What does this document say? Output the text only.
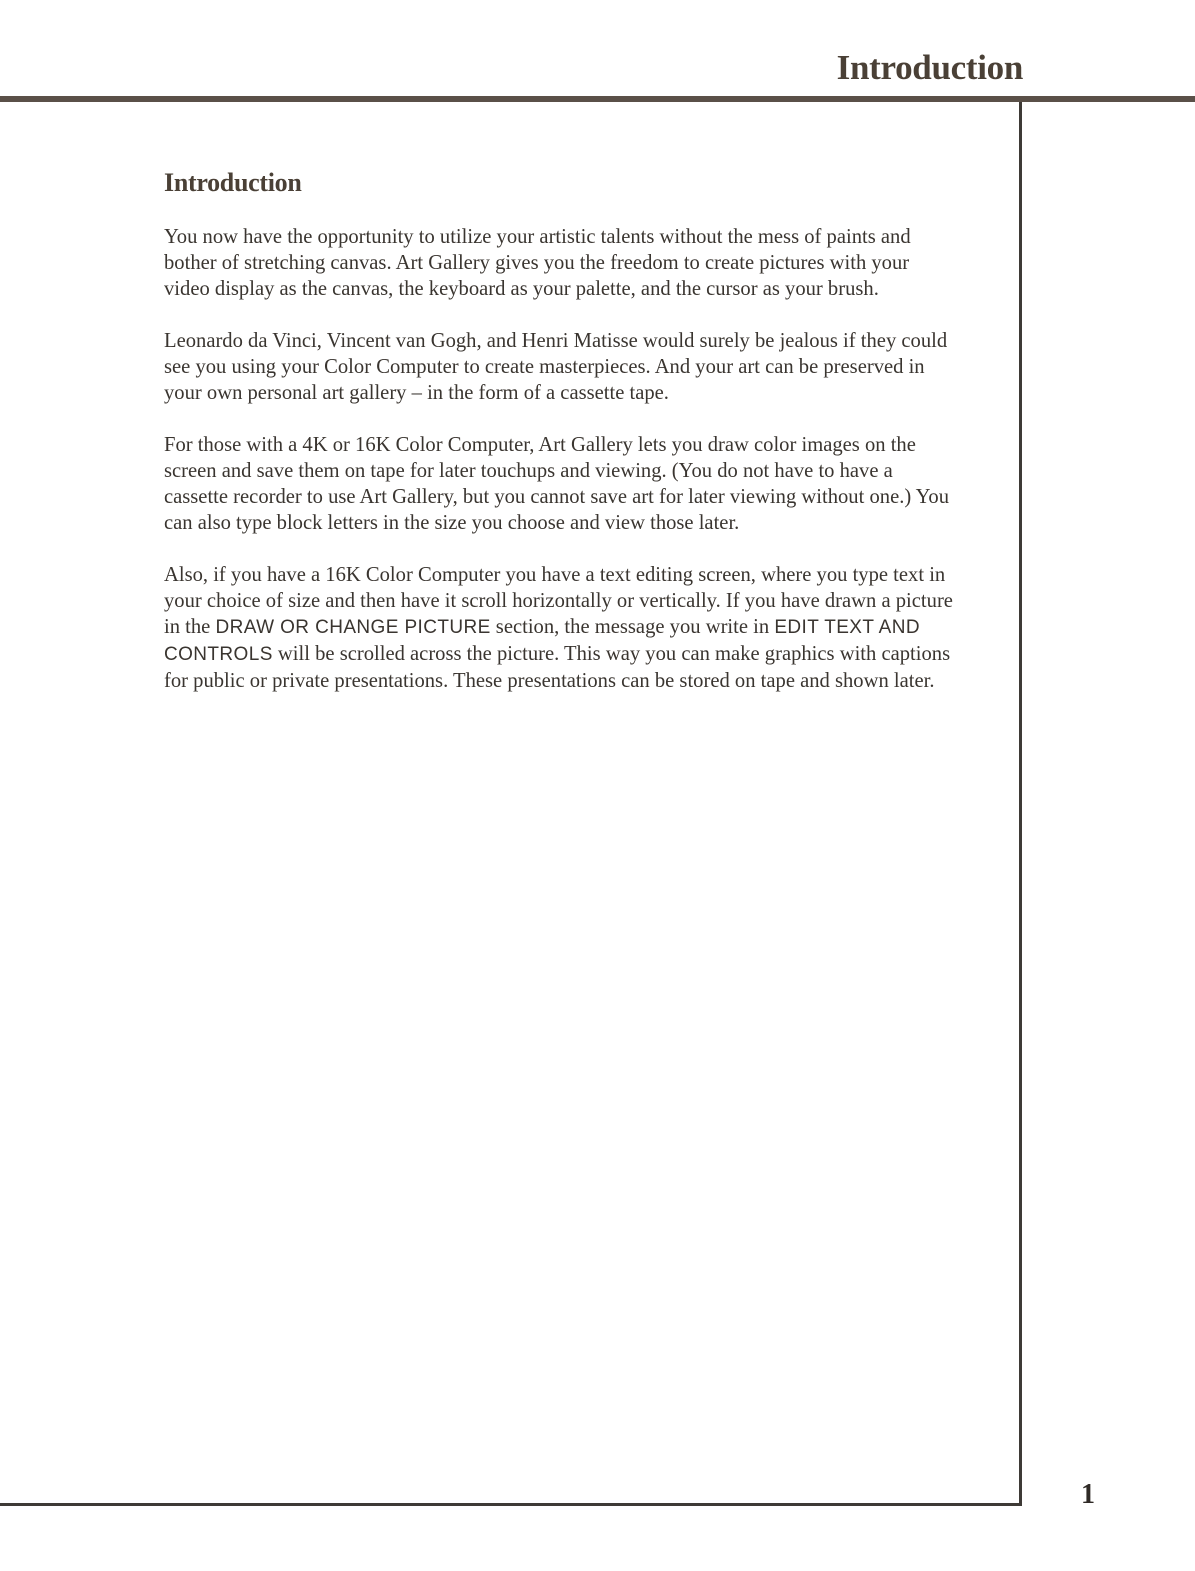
Introduction
Introduction

You now have the opportunity to utilize your artistic talents without the mess of paints and bother of stretching canvas. Art Gallery gives you the freedom to create pictures with your video display as the canvas, the keyboard as your palette, and the cursor as your brush.

Leonardo da Vinci, Vincent van Gogh, and Henri Matisse would surely be jealous if they could see you using your Color Computer to create masterpieces. And your art can be preserved in your own personal art gallery – in the form of a cassette tape.

For those with a 4K or 16K Color Computer, Art Gallery lets you draw color images on the screen and save them on tape for later touchups and viewing. (You do not have to have a cassette recorder to use Art Gallery, but you cannot save art for later viewing without one.) You can also type block letters in the size you choose and view those later.

Also, if you have a 16K Color Computer you have a text editing screen, where you type text in your choice of size and then have it scroll horizontally or vertically. If you have drawn a picture in the DRAW OR CHANGE PICTURE section, the message you write in EDIT TEXT AND CONTROLS will be scrolled across the picture. This way you can make graphics with captions for public or private presentations. These presentations can be stored on tape and shown later.

1
